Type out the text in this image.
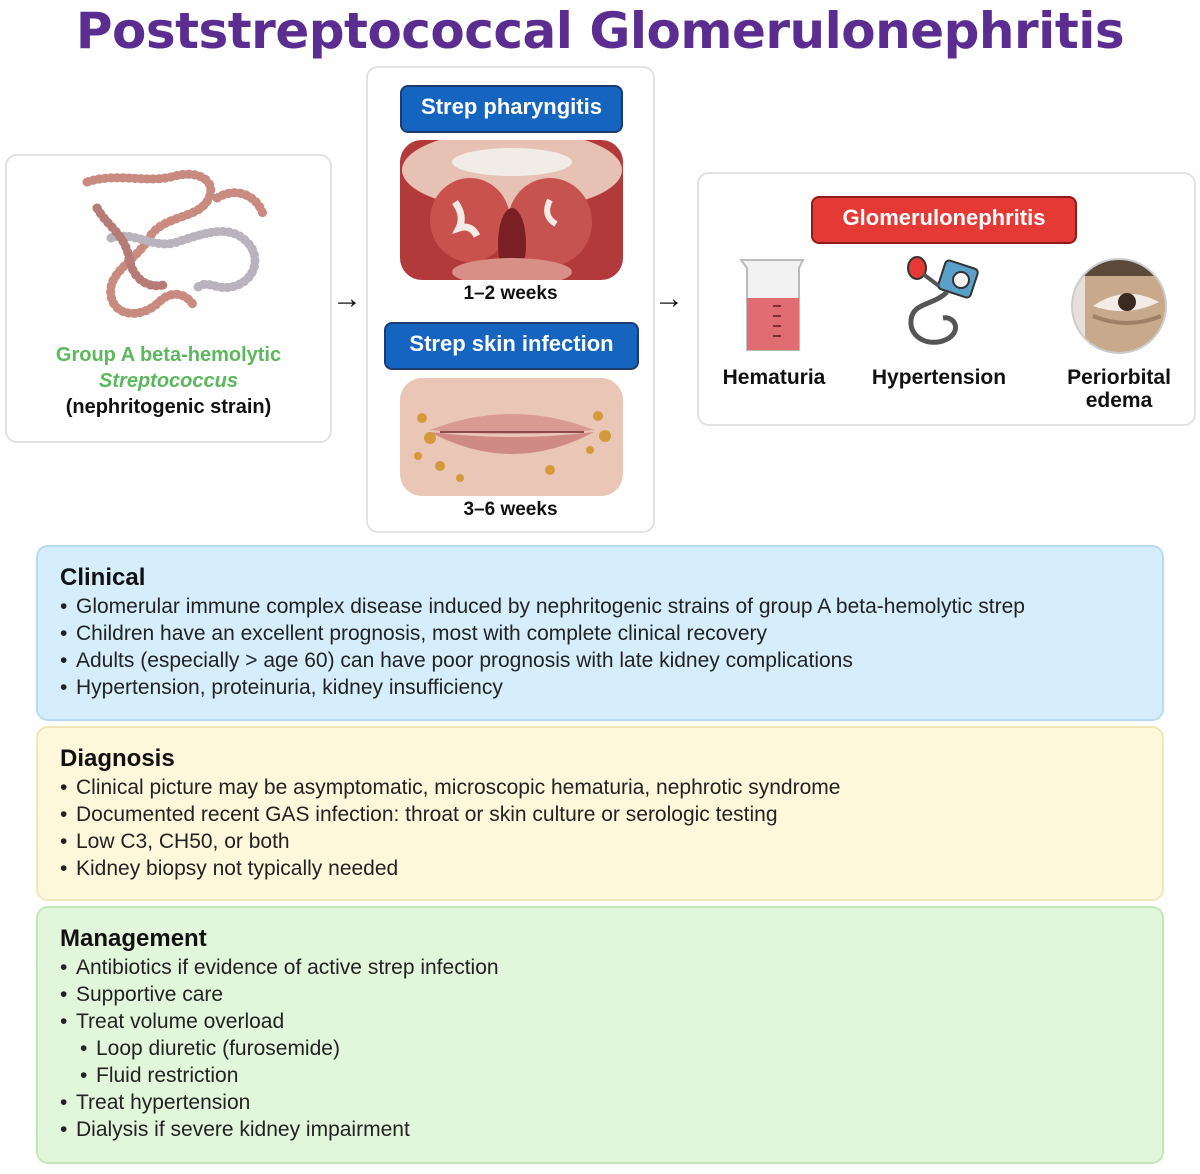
Poststreptococcal Glomerulonephritis
Group A beta-hemolytic
Streptococcus
(nephritogenic strain)
→
Strep pharyngitis
1–2 weeks
Strep skin infection
3–6 weeks
→
Glomerulonephritis
Hematuria	Hypertension	Periorbital
edema
Clinical
• Glomerular immune complex disease induced by nephritogenic strains of group A beta-hemolytic strep
• Children have an excellent prognosis, most with complete clinical recovery
• Adults (especially > age 60) can have poor prognosis with late kidney complications
• Hypertension, proteinuria, kidney insufficiency
Diagnosis
• Clinical picture may be asymptomatic, microscopic hematuria, nephrotic syndrome
• Documented recent GAS infection: throat or skin culture or serologic testing
• Low C3, CH50, or both
• Kidney biopsy not typically needed
Management
• Antibiotics if evidence of active strep infection
• Supportive care
• Treat volume overload
• Loop diuretic (furosemide)
• Fluid restriction
• Treat hypertension
• Dialysis if severe kidney impairment
